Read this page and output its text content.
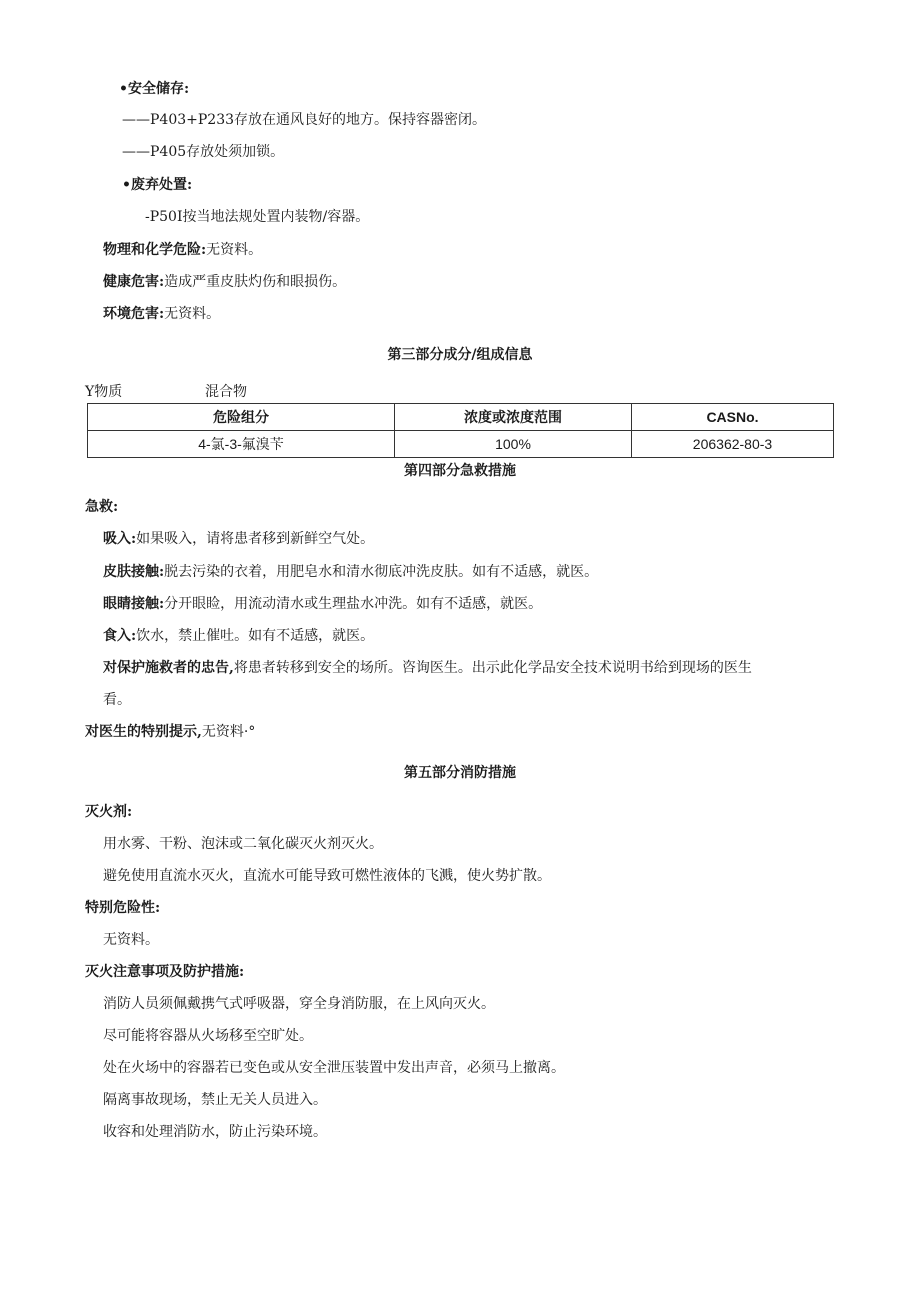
•安全储存:
——P403+P233存放在通风良好的地方。保持容器密闭。
——P405存放处须加锁。
•废弃处置:
-P50I按当地法规处置内装物/容器。
物理和化学危险:无资料。
健康危害:造成严重皮肤灼伤和眼损伤。
环境危害:无资料。
第三部分成分/组成信息
Y物质	混合物
危险组分	浓度或浓度范围	CASNo.
4-氯-3-氟溴苄	100%	206362-80-3
第四部分急救措施
急救:
吸入:如果吸入，请将患者移到新鲜空气处。
皮肤接触:脱去污染的衣着，用肥皂水和清水彻底冲洗皮肤。如有不适感，就医。
眼睛接触:分开眼睑，用流动清水或生理盐水冲洗。如有不适感，就医。
食入:饮水，禁止催吐。如有不适感，就医。
对保护施救者的忠告,将患者转移到安全的场所。咨询医生。出示此化学品安全技术说明书给到现场的医生
看。
对医生的特别提示,无资料·°
第五部分消防措施
灭火剂:
用水雾、干粉、泡沫或二氧化碳灭火剂灭火。
避免使用直流水灭火，直流水可能导致可燃性液体的飞溅，使火势扩散。
特别危险性:
无资料。
灭火注意事项及防护措施:
消防人员须佩戴携气式呼吸器，穿全身消防服，在上风向灭火。
尽可能将容器从火场移至空旷处。
处在火场中的容器若已变色或从安全泄压装置中发出声音，必须马上撤离。
隔离事故现场，禁止无关人员进入。
收容和处理消防水，防止污染环境。
